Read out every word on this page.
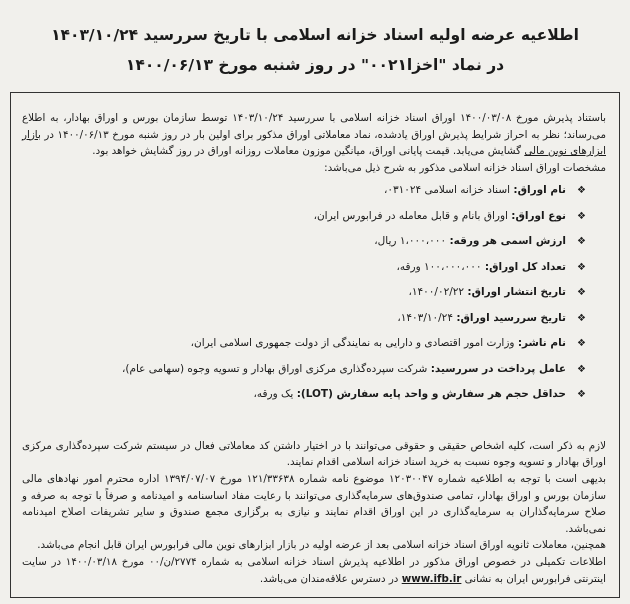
اطلاعیه عرضه اولیه اسناد خزانه اسلامی با تاریخ سررسید ۱۴۰۳/۱۰/۲۴
در نماد "اخزا۰۰۲۱" در روز شنبه مورخ ۱۴۰۰/۰۶/۱۳

باستناد پذیرش مورخ ۱۴۰۰/۰۳/۰۸ اوراق اسناد خزانه اسلامی با سررسید ۱۴۰۳/۱۰/۲۴ توسط سازمان بورس و اوراق بهادار، به اطلاع می‌رساند؛ نظر به احراز شرایط پذیرش اوراق یادشده، نماد معاملاتی اوراق مذکور برای اولین بار در روز شنبه مورخ ۱۴۰۰/۰۶/۱۳ در بازار ابزارهای نوین مالی گشایش می‌یابد. قیمت پایانی اوراق، میانگین موزون معاملات روزانه اوراق در روز گشایش خواهد بود.

مشخصات اوراق اسناد خزانه اسلامی مذکور به شرح ذیل می‌باشد:

❖نام اوراق: اسناد خزانه اسلامی ۰۳۱۰۲۴،
❖نوع اوراق: اوراق بانام و قابل معامله در فرابورس ایران،
❖ارزش اسمی هر ورقه: ۱،۰۰۰،۰۰۰ ریال،
❖تعداد کل اوراق: ۱۰۰،۰۰۰،۰۰۰ ورقه،
❖تاریخ انتشار اوراق: ۱۴۰۰/۰۲/۲۲،
❖تاریخ سررسید اوراق: ۱۴۰۳/۱۰/۲۴،
❖نام ناشر: وزارت امور اقتصادی و دارایی به نمایندگی از دولت جمهوری اسلامی ایران،
❖عامل پرداخت در سررسید: شرکت سپرده‌گذاری مرکزی اوراق بهادار و تسویه وجوه (سهامی عام)،
❖حداقل حجم هر سفارش و واحد پایه سفارش (LOT): یک ورقه،

لازم به ذکر است، کلیه اشخاص حقیقی و حقوقی می‌توانند با در اختیار داشتن کد معاملاتی فعال در سیستم شرکت سپرده‌گذاری مرکزی اوراق بهادار و تسویه وجوه نسبت به خرید اسناد خزانه اسلامی اقدام نمایند.

بدیهی است با توجه به اطلاعیه شماره ۱۲۰۳۰۰۴۷ موضوع نامه شماره ۱۲۱/۳۳۶۳۸ مورخ ۱۳۹۴/۰۷/۰۷ اداره محترم امور نهادهای مالی سازمان بورس و اوراق بهادار، تمامی صندوق‌های سرمایه‌گذاری می‌توانند با رعایت مفاد اساسنامه و امیدنامه و صرفاً با توجه به صرفه و صلاح سرمایه‌گذاران به سرمایه‌گذاری در این اوراق اقدام نمایند و نیازی به برگزاری مجمع صندوق و سایر تشریفات اصلاح امیدنامه نمی‌باشد.

همچنین، معاملات ثانویه اوراق اسناد خزانه اسلامی بعد از عرضه اولیه در بازار ابزارهای نوین مالی فرابورس ایران قابل انجام می‌باشد.

اطلاعات تکمیلی در خصوص اوراق مذکور در اطلاعیه پذیرش اسناد خزانه اسلامی به شماره ۲۷۷۴/ن/۰۰ مورخ ۱۴۰۰/۰۳/۱۸ در سایت اینترنتی فرابورس ایران به نشانی www.ifb.ir در دسترس علاقه‌مندان می‌باشد.
